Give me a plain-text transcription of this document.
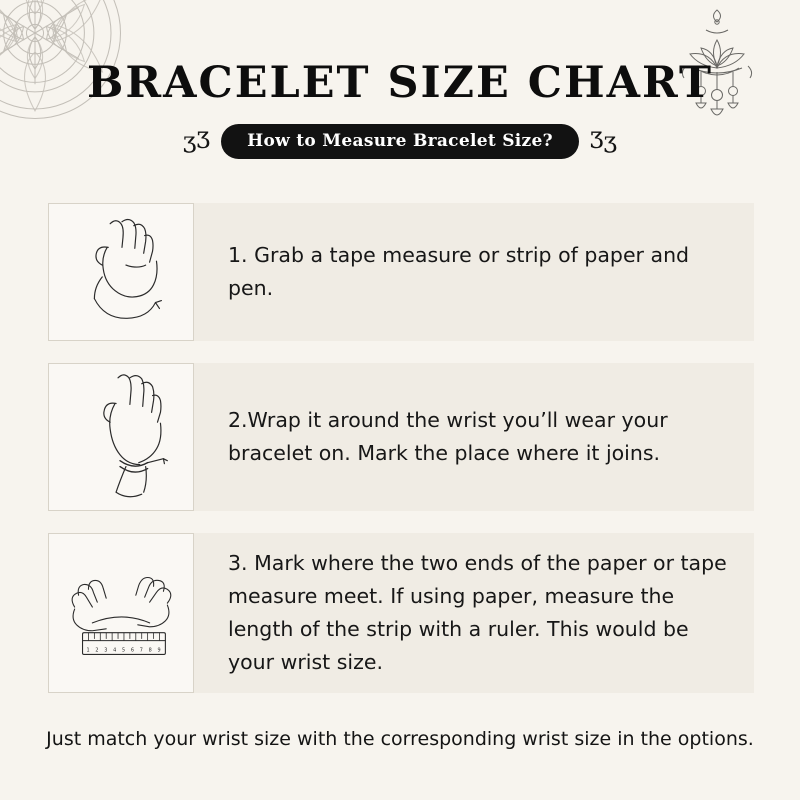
BRACELET SIZE CHART
ʒƷ	How to Measure Bracelet Size?	Ʒʒ
1. Grab a tape measure or strip of paper and pen.
2.Wrap it around the wrist you’ll wear your bracelet on. Mark the place where it joins.
1 2 3 4 5 6 7 8 9
3. Mark where the two ends of the paper or tape measure meet. If using paper, measure the length of the strip with a ruler. This would be your wrist size.
Just match your wrist size with the corresponding wrist size in the options.
